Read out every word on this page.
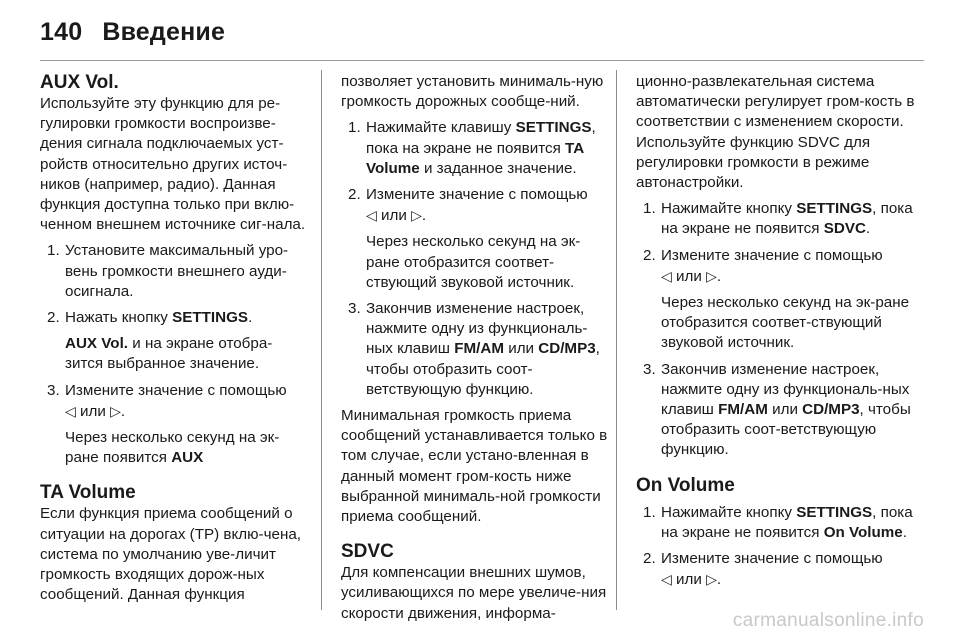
140 Введение
AUX Vol.

Используйте эту функцию для ре-гулировки громкости воспроизве-дения сигнала подключаемых уст-ройств относительно других источ-ников (например, радио). Данная функция доступна только при вклю-ченном внешнем источнике сиг-нала.

1. Установите максимальный уро-вень громкости внешнего ауди-осигнала.
2. Нажать кнопку SETTINGS.
AUX Vol. и на экране отобра-зится выбранное значение.
3. Измените значение с помощью
◁ или ▷.
Через несколько секунд на эк-ране появится AUX
TA Volume

Если функция приема сообщений о ситуации на дорогах (TP) вклю-чена, система по умолчанию уве-личит громкость входящих дорож-ных сообщений. Данная функция

позволяет установить минималь-ную громкость дорожных сообще-ний.

1. Нажимайте клавишу SETTINGS, пока на экране не появится TA Volume и заданное значение.
2. Измените значение с помощью
◁ или ▷.
Через несколько секунд на эк-ране отобразится соответ-ствующий звуковой источник.
3. Закончив изменение настроек, нажмите одну из функциональ-ных клавиш FM/AM или CD/MP3, чтобы отобразить соот-ветствующую функцию.

Минимальная громкость приема сообщений устанавливается только в том случае, если устано-вленная в данный момент гром-кость ниже выбранной минималь-ной громкости приема сообщений.

SDVC

Для компенсации внешних шумов, усиливающихся по мере увеличе-ния скорости движения, информа-

ционно-развлекательная система автоматически регулирует гром-кость в соответствии с изменением скорости. Используйте функцию SDVC для регулировки громкости в режиме автонастройки.

1. Нажимайте кнопку SETTINGS, пока на экране не появится SDVC.
2. Измените значение с помощью
◁ или ▷.
Через несколько секунд на эк-ране отобразится соответ-ствующий звуковой источник.
3. Закончив изменение настроек, нажмите одну из функциональ-ных клавиш FM/AM или CD/MP3, чтобы отобразить соот-ветствующую функцию.
On Volume
1. Нажимайте кнопку SETTINGS, пока на экране не появится On Volume.
2. Измените значение с помощью
◁ или ▷.
carmanualsonline.info
